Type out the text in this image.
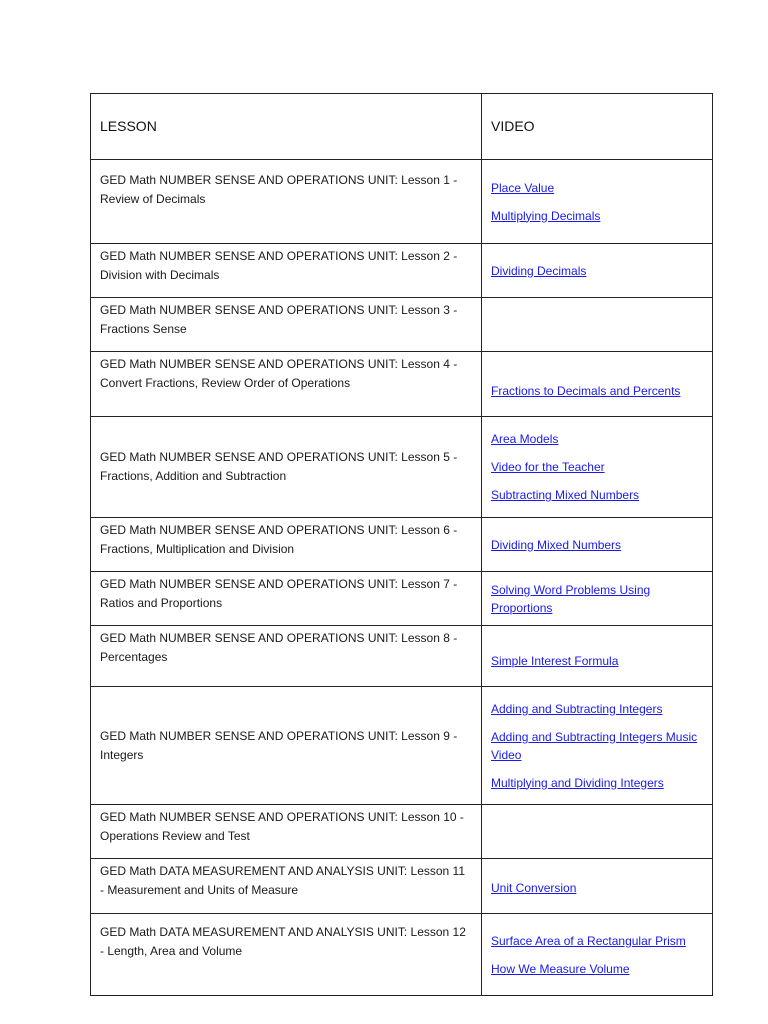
LESSON	VIDEO
GED Math NUMBER SENSE AND OPERATIONS UNIT: Lesson 1 - Review of Decimals	Place Value
Multiplying Decimals

GED Math NUMBER SENSE AND OPERATIONS UNIT: Lesson 2 - Division with Decimals	Dividing Decimals

GED Math NUMBER SENSE AND OPERATIONS UNIT: Lesson 3 - Fractions Sense	
GED Math NUMBER SENSE AND OPERATIONS UNIT: Lesson 4 - Convert Fractions, Review Order of Operations	Fractions to Decimals and Percents

GED Math NUMBER SENSE AND OPERATIONS UNIT: Lesson 5 - Fractions, Addition and Subtraction	Area Models
Video for the Teacher
Subtracting Mixed Numbers

GED Math NUMBER SENSE AND OPERATIONS UNIT: Lesson 6 - Fractions, Multiplication and Division	Dividing Mixed Numbers

GED Math NUMBER SENSE AND OPERATIONS UNIT: Lesson 7 - Ratios and Proportions	Solving Word Problems Using Proportions

GED Math NUMBER SENSE AND OPERATIONS UNIT: Lesson 8 - Percentages	Simple Interest Formula

GED Math NUMBER SENSE AND OPERATIONS UNIT: Lesson 9 - Integers	Adding and Subtracting Integers
Adding and Subtracting Integers Music Video
Multiplying and Dividing Integers

GED Math NUMBER SENSE AND OPERATIONS UNIT: Lesson 10 - Operations Review and Test	
GED Math DATA MEASUREMENT AND ANALYSIS UNIT: Lesson 11 - Measurement and Units of Measure	Unit Conversion

GED Math DATA MEASUREMENT AND ANALYSIS UNIT: Lesson 12 - Length, Area and Volume	Surface Area of a Rectangular Prism
How We Measure Volume
